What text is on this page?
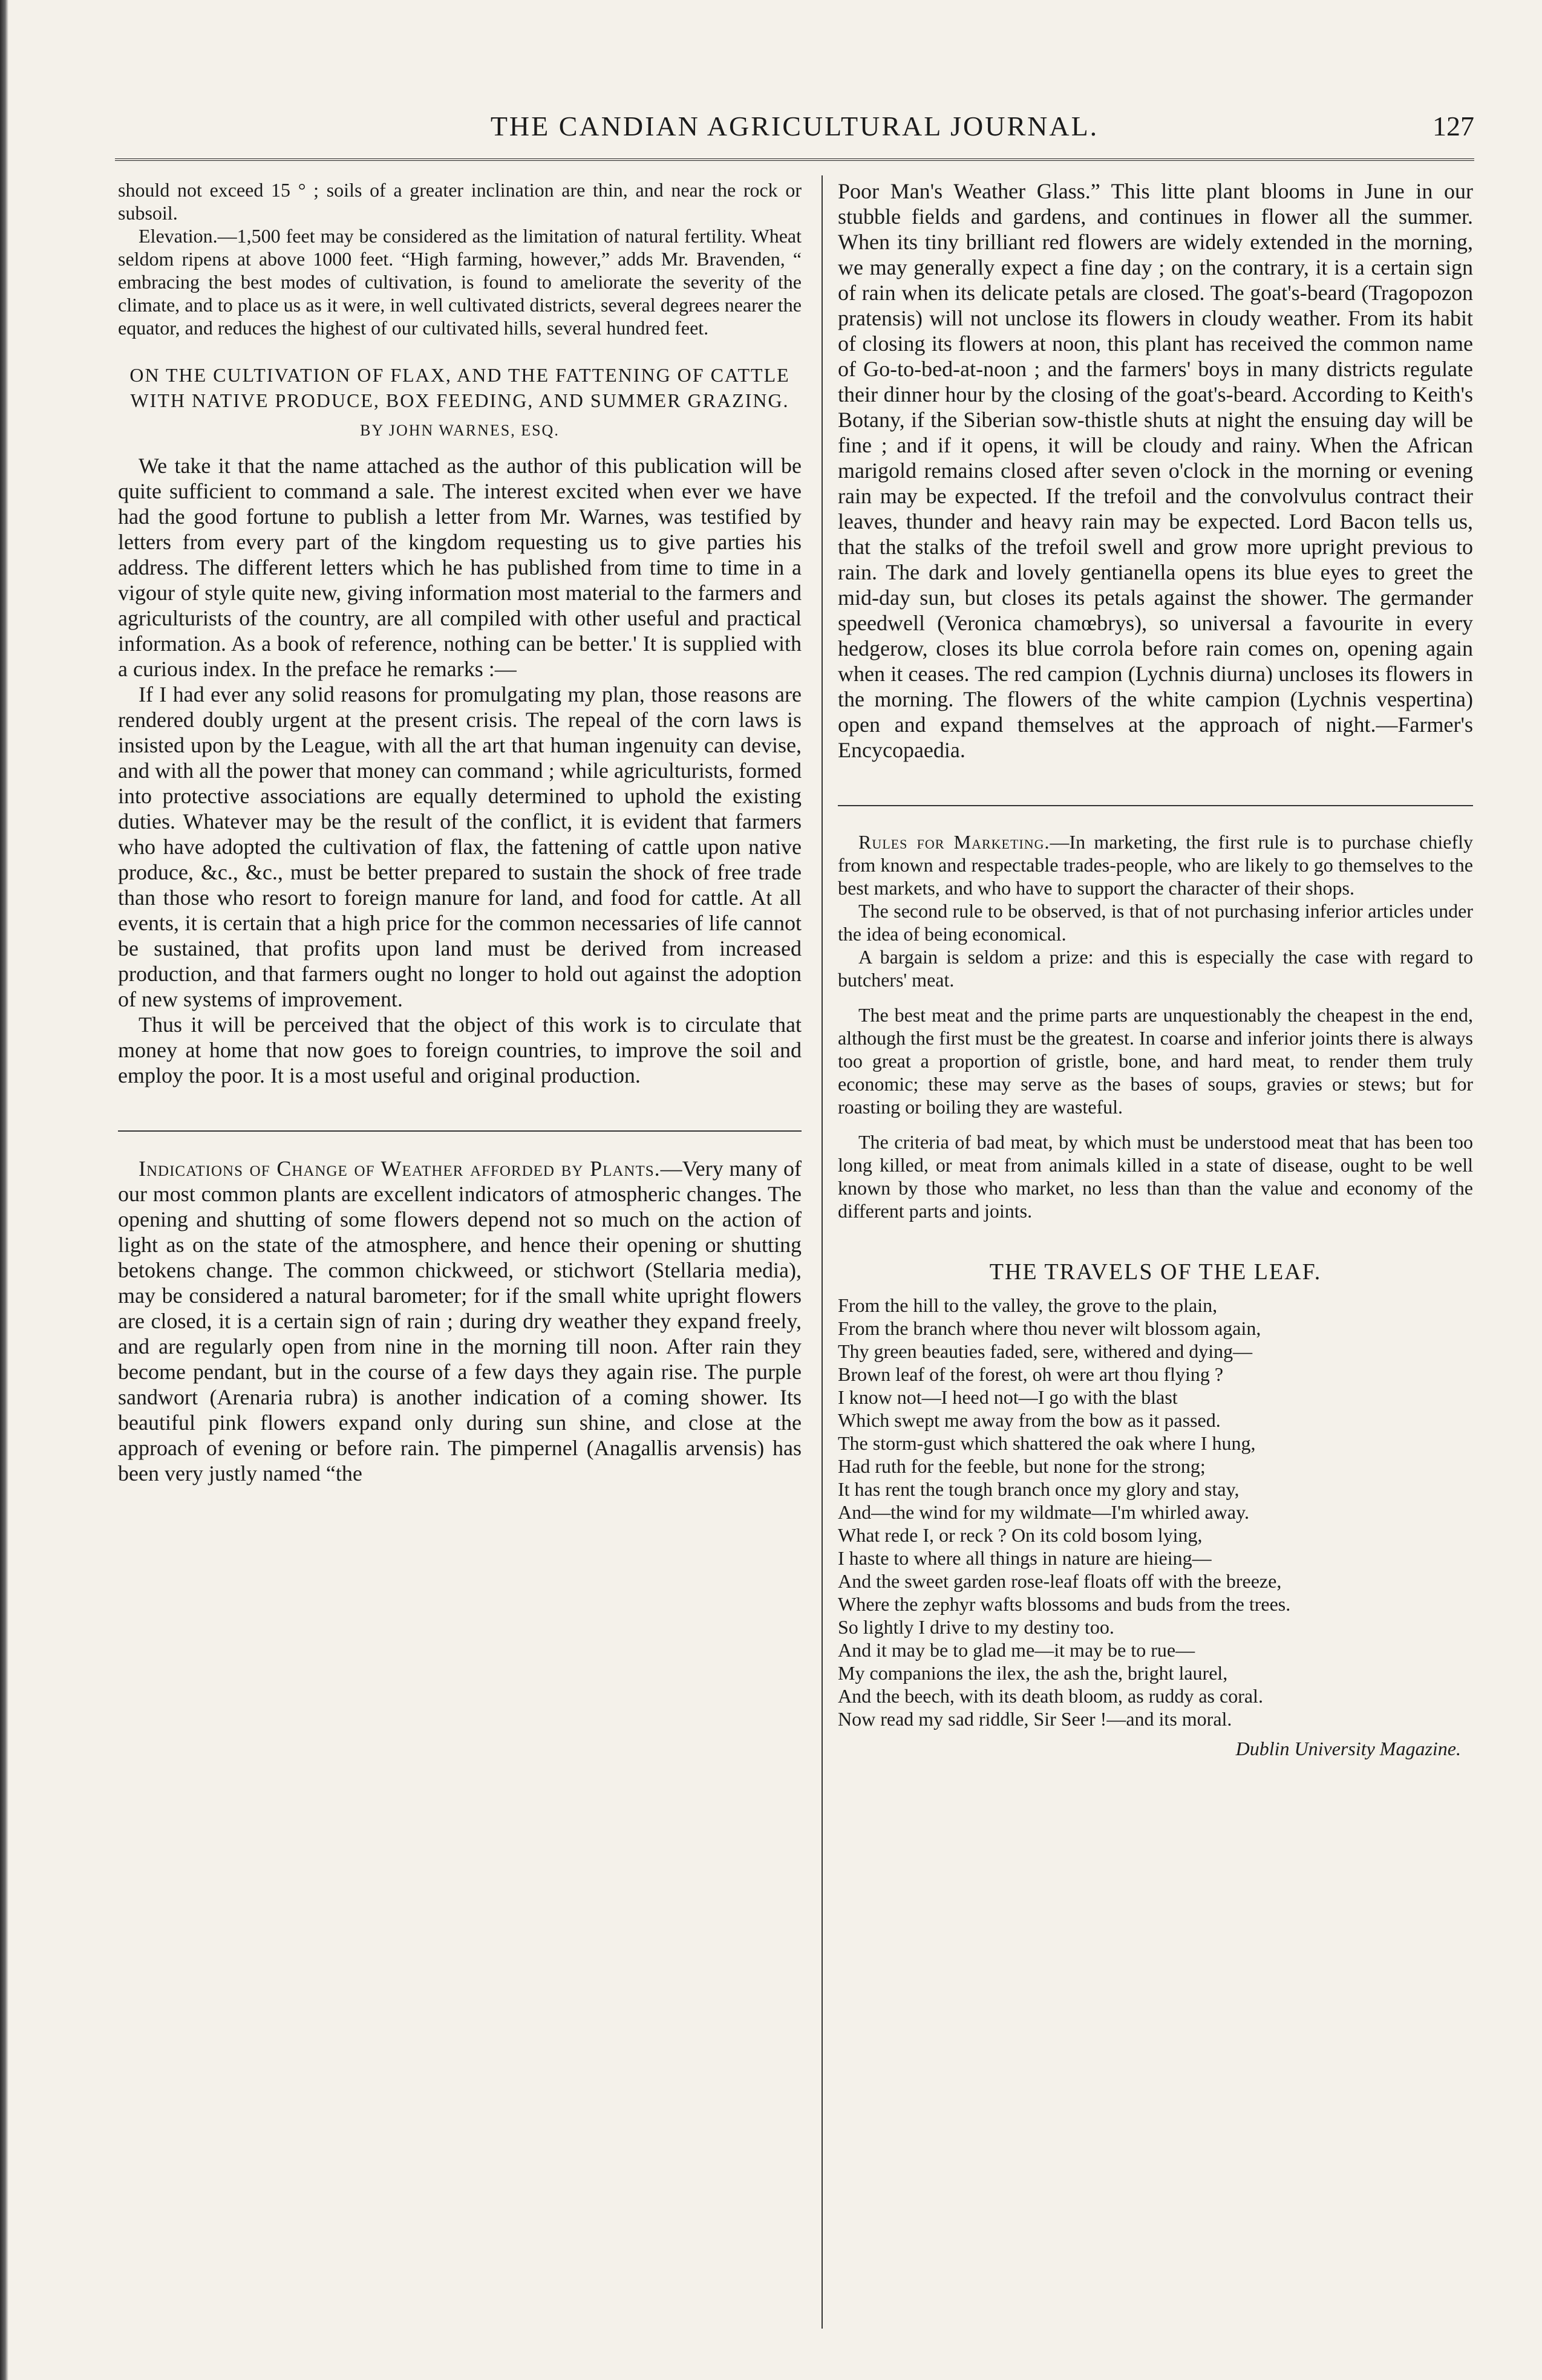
THE CANDIAN AGRICULTURAL JOURNAL.	127

should not exceed 15 ° ; soils of a greater inclination are thin, and near the rock or subsoil.

Elevation.—1,500 feet may be considered as the limitation of natural fertility. Wheat seldom ripens at above 1000 feet. “High farming, however,” adds Mr. Bravenden, “ embracing the best modes of cultivation, is found to ameliorate the severity of the climate, and to place us as it were, in well cultivated districts, several degrees nearer the equator, and reduces the highest of our cultivated hills, several hundred feet.

ON THE CULTIVATION OF FLAX, AND THE FATTENING OF CATTLE WITH NATIVE PRODUCE, BOX FEEDING, AND SUMMER GRAZING.
BY JOHN WARNES, ESQ.

We take it that the name attached as the author of this publication will be quite sufficient to command a sale. The interest excited when ever we have had the good fortune to publish a letter from Mr. Warnes, was testified by letters from every part of the kingdom requesting us to give parties his address. The different letters which he has published from time to time in a vigour of style quite new, giving information most material to the farmers and agriculturists of the country, are all compiled with other useful and practical information. As a book of reference, nothing can be better.' It is supplied with a curious index. In the preface he remarks :—

If I had ever any solid reasons for promulgating my plan, those reasons are rendered doubly urgent at the present crisis. The repeal of the corn laws is insisted upon by the League, with all the art that human ingenuity can devise, and with all the power that money can command ; while agriculturists, formed into protective associations are equally determined to uphold the existing duties. Whatever may be the result of the conflict, it is evident that farmers who have adopted the cultivation of flax, the fattening of cattle upon native produce, &c., &c., must be better prepared to sustain the shock of free trade than those who resort to foreign manure for land, and food for cattle. At all events, it is certain that a high price for the common necessaries of life cannot be sustained, that profits upon land must be derived from increased production, and that farmers ought no longer to hold out against the adoption of new systems of improvement.

Thus it will be perceived that the object of this work is to circulate that money at home that now goes to foreign countries, to improve the soil and employ the poor. It is a most useful and original production.

Indications of Change of Weather afforded by Plants.—Very many of our most common plants are excellent indicators of atmospheric changes. The opening and shutting of some flowers depend not so much on the action of light as on the state of the atmosphere, and hence their opening or shutting betokens change. The common chickweed, or stichwort (Stellaria media), may be considered a natural barometer; for if the small white upright flowers are closed, it is a certain sign of rain ; during dry weather they expand freely, and are regularly open from nine in the morning till noon. After rain they become pendant, but in the course of a few days they again rise. The purple sandwort (Arenaria rubra) is another indication of a coming shower. Its beautiful pink flowers expand only during sun shine, and close at the approach of evening or before rain. The pimpernel (Anagallis arvensis) has been very justly named “the

Poor Man's Weather Glass.” This litte plant blooms in June in our stubble fields and gardens, and continues in flower all the summer. When its tiny brilliant red flowers are widely extended in the morning, we may generally expect a fine day ; on the contrary, it is a certain sign of rain when its delicate petals are closed. The goat's-beard (Tragopozon pratensis) will not unclose its flowers in cloudy weather. From its habit of closing its flowers at noon, this plant has received the common name of Go-to-bed-at-noon ; and the farmers' boys in many districts regulate their dinner hour by the closing of the goat's-beard. According to Keith's Botany, if the Siberian sow-thistle shuts at night the ensuing day will be fine ; and if it opens, it will be cloudy and rainy. When the African marigold remains closed after seven o'clock in the morning or evening rain may be expected. If the trefoil and the convolvulus contract their leaves, thunder and heavy rain may be expected. Lord Bacon tells us, that the stalks of the trefoil swell and grow more upright previous to rain. The dark and lovely gentianella opens its blue eyes to greet the mid-day sun, but closes its petals against the shower. The germander speedwell (Veronica chamœbrys), so universal a favourite in every hedgerow, closes its blue corrola before rain comes on, opening again when it ceases. The red campion (Lychnis diurna) uncloses its flowers in the morning. The flowers of the white campion (Lychnis vespertina) open and expand themselves at the approach of night.—Farmer's Encycopaedia.

Rules for Marketing.—In marketing, the first rule is to purchase chiefly from known and respectable trades-people, who are likely to go themselves to the best markets, and who have to support the character of their shops.

The second rule to be observed, is that of not purchasing inferior articles under the idea of being economical.

A bargain is seldom a prize: and this is especially the case with regard to butchers' meat.

The best meat and the prime parts are unquestionably the cheapest in the end, although the first must be the greatest. In coarse and inferior joints there is always too great a proportion of gristle, bone, and hard meat, to render them truly economic; these may serve as the bases of soups, gravies or stews; but for roasting or boiling they are wasteful.

The criteria of bad meat, by which must be understood meat that has been too long killed, or meat from animals killed in a state of disease, ought to be well known by those who market, no less than than the value and economy of the different parts and joints.

THE TRAVELS OF THE LEAF.
From the hill to the valley, the grove to the plain,
From the branch where thou never wilt blossom again,
Thy green beauties faded, sere, withered and dying—
Brown leaf of the forest, oh were art thou flying ?
I know not—I heed not—I go with the blast
Which swept me away from the bow as it passed.
The storm-gust which shattered the oak where I hung,
Had ruth for the feeble, but none for the strong;
It has rent the tough branch once my glory and stay,
And—the wind for my wildmate—I'm whirled away.
What rede I, or reck ? On its cold bosom lying,
I haste to where all things in nature are hieing—
And the sweet garden rose-leaf floats off with the breeze,
Where the zephyr wafts blossoms and buds from the trees.
So lightly I drive to my destiny too.
And it may be to glad me—it may be to rue—
My companions the ilex, the ash the, bright laurel,
And the beech, with its death bloom, as ruddy as coral.
Now read my sad riddle, Sir Seer !—and its moral.
Dublin University Magazine.
